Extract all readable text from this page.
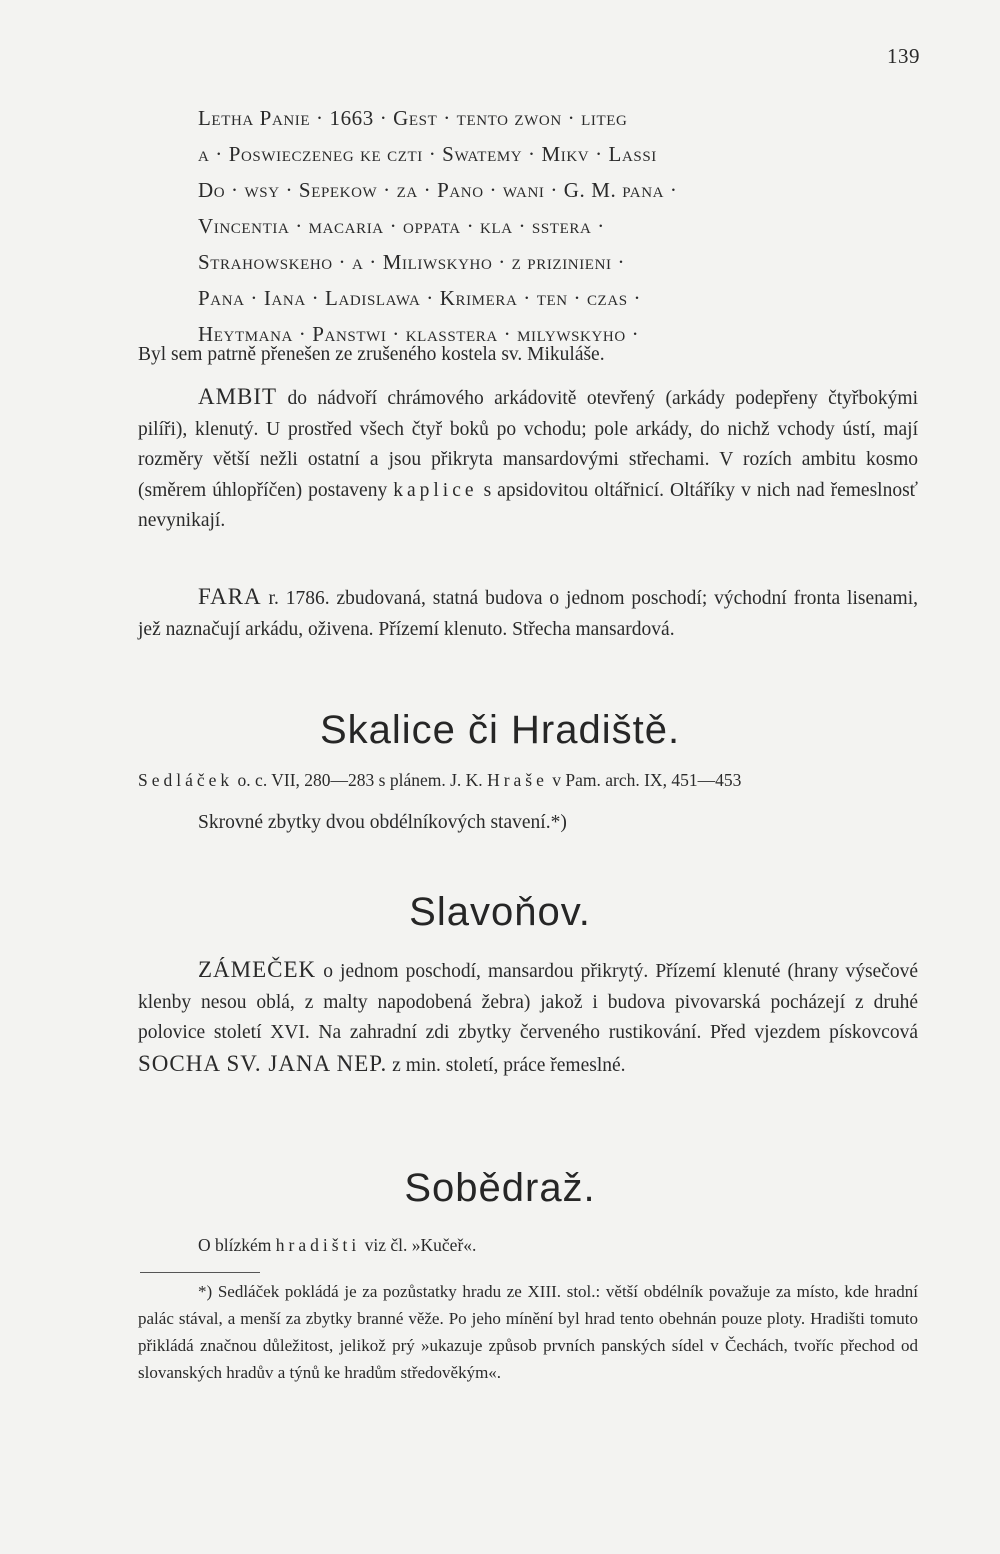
139
Letha Panie · 1663 · Gest · tento zwon · liteg
a · Poswieczeneg ke czti · Swatemy · Mikv · Lassi
Do · wsy · Sepekow · za · Pano · wani · G. M. pana ·
Vincentia · macaria · oppata · kla · sstera ·
Strahowskeho · a · Miliwskyho · z prizinieni ·
Pana · Iana · Ladislawa · Krimera · ten · czas ·
Heytmana · Panstwi · klasstera · milywskyho ·

Byl sem patrně přenešen ze zrušeného kostela sv. Mikuláše.

AMBIT do nádvoří chrámového arkádovitě otevřený (arkády podepřeny čtyřbokými pilíři), klenutý. U prostřed všech čtyř boků po vchodu; pole arkády, do nichž vchody ústí, mají rozměry větší nežli ostatní a jsou přikryta mansardovými střechami. V rozích ambitu kosmo (směrem úhlopříčen) postaveny kaplice s apsidovitou oltářnicí. Oltáříky v nich nad řemeslnosť nevynikají.

FARA r. 1786. zbudovaná, statná budova o jednom poschodí; východní fronta lisenami, jež naznačují arkádu, oživena. Přízemí klenuto. Střecha mansardová.

Skalice či Hradiště.
Sedláček o. c. VII, 280—283 s plánem. J. K. Hraše v Pam. arch. IX, 451—453

Skrovné zbytky dvou obdélníkových stavení.*)

Slavoňov.

ZÁMEČEK o jednom poschodí, mansardou přikrytý. Přízemí klenuté (hrany výsečové klenby nesou oblá, z malty napodobená žebra) jakož i budova pivovarská pocházejí z druhé polovice století XVI. Na zahradní zdi zbytky červeného rustikování. Před vjezdem pískovcová SOCHA SV. JANA NEP. z min. století, práce řemeslné.

Sobědraž.

O blízkém hradišti viz čl. »Kučeř«.

*) Sedláček pokládá je za pozůstatky hradu ze XIII. stol.: větší obdélník považuje za místo, kde hradní palác stával, a menší za zbytky branné věže. Po jeho mínění byl hrad tento obehnán pouze ploty. Hradišti tomuto přikládá značnou důležitost, jelikož prý »ukazuje způsob prvních panských sídel v Čechách, tvoříc přechod od slovanských hradův a týnů ke hradům středověkým«.
